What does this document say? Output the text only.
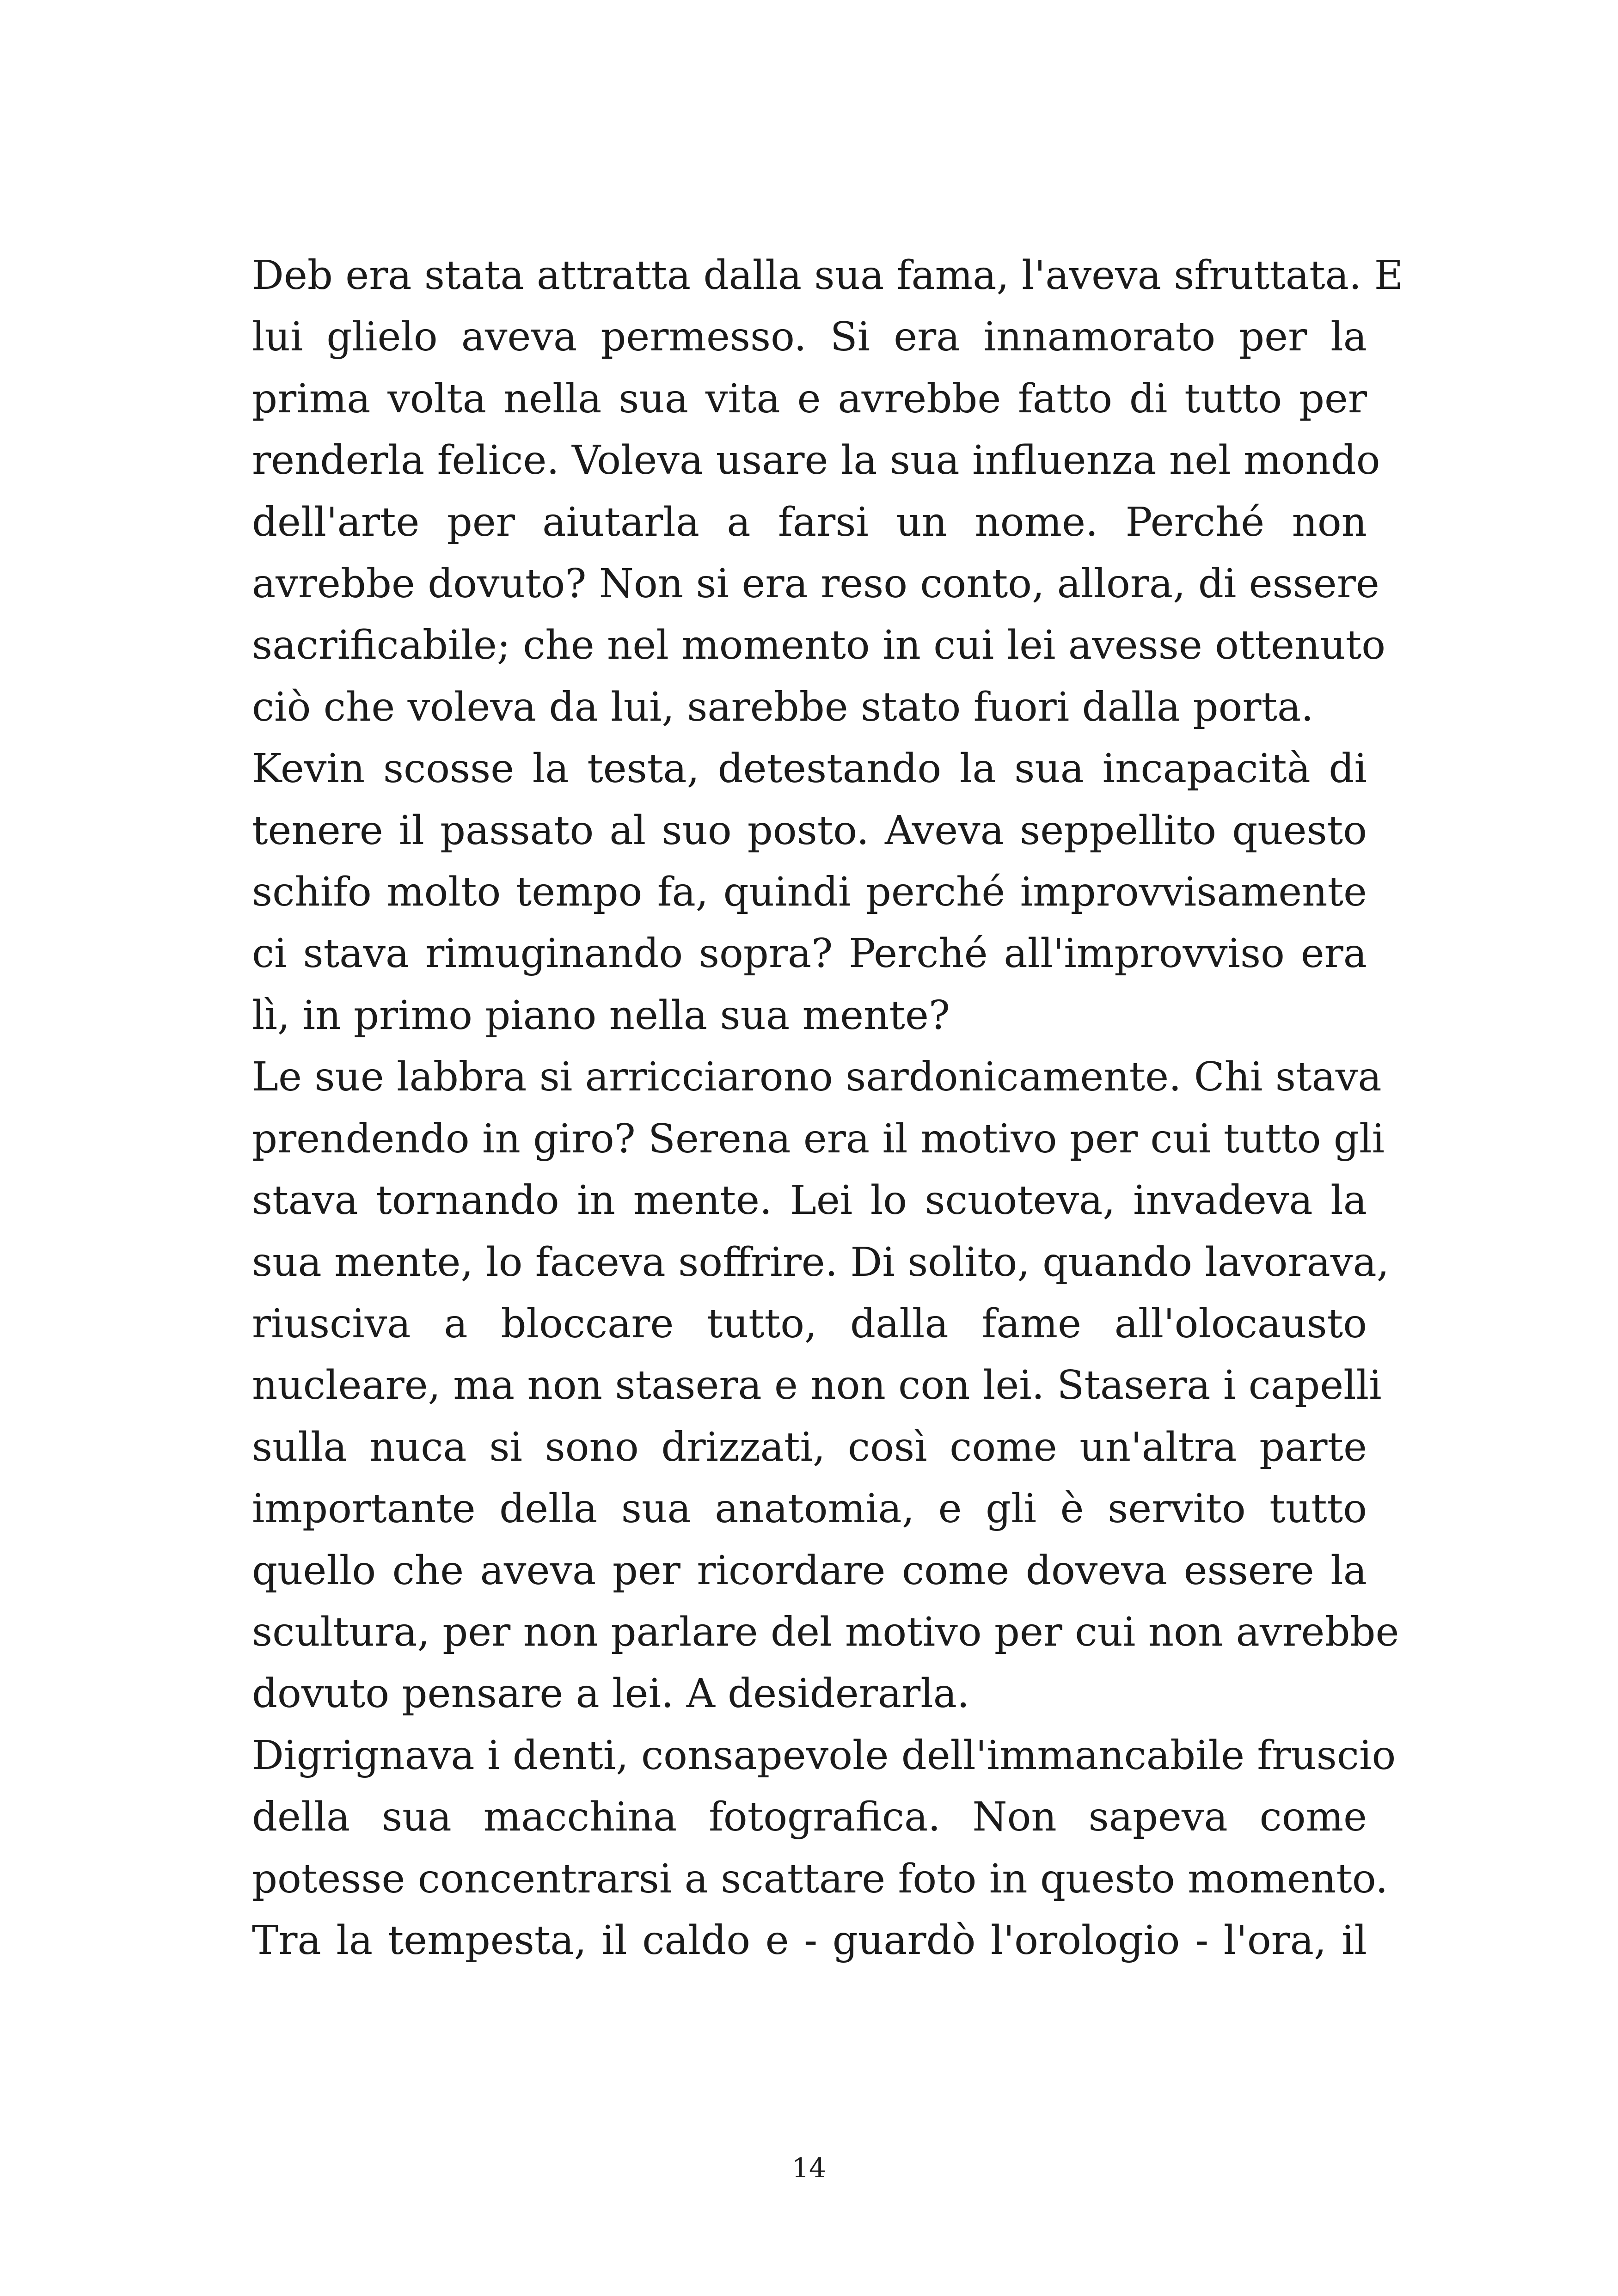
Deb era stata attratta dalla sua fama, l'aveva sfruttata. E
lui glielo aveva permesso. Si era innamorato per la
prima volta nella sua vita e avrebbe fatto di tutto per
renderla felice. Voleva usare la sua influenza nel mondo
dell'arte per aiutarla a farsi un nome. Perché non
avrebbe dovuto? Non si era reso conto, allora, di essere
sacrificabile; che nel momento in cui lei avesse ottenuto
ciò che voleva da lui, sarebbe stato fuori dalla porta.
Kevin scosse la testa, detestando la sua incapacità di
tenere il passato al suo posto. Aveva seppellito questo
schifo molto tempo fa, quindi perché improvvisamente
ci stava rimuginando sopra? Perché all'improvviso era
lì, in primo piano nella sua mente?
Le sue labbra si arricciarono sardonicamente. Chi stava
prendendo in giro? Serena era il motivo per cui tutto gli
stava tornando in mente. Lei lo scuoteva, invadeva la
sua mente, lo faceva soffrire. Di solito, quando lavorava,
riusciva a bloccare tutto, dalla fame all'olocausto
nucleare, ma non stasera e non con lei. Stasera i capelli
sulla nuca si sono drizzati, così come un'altra parte
importante della sua anatomia, e gli è servito tutto
quello che aveva per ricordare come doveva essere la
scultura, per non parlare del motivo per cui non avrebbe
dovuto pensare a lei. A desiderarla.
Digrignava i denti, consapevole dell'immancabile fruscio
della sua macchina fotografica. Non sapeva come
potesse concentrarsi a scattare foto in questo momento.
Tra la tempesta, il caldo e - guardò l'orologio - l'ora, il
14
